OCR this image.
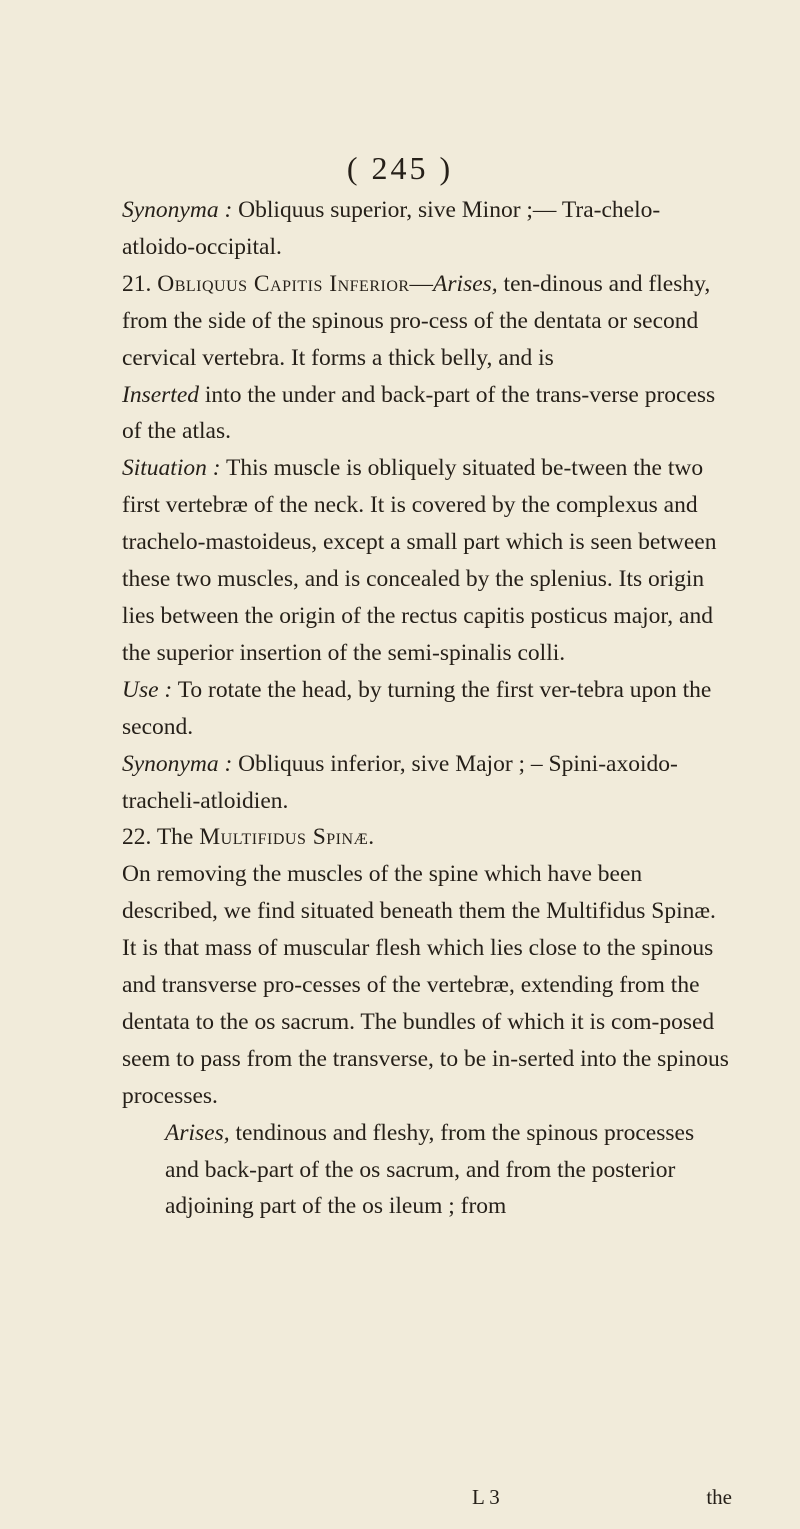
( 245 )

Synonyma : Obliquus superior, sive Minor ;— Tra-chelo-atloido-occipital.

21. Obliquus Capitis Inferior—Arises, ten-dinous and fleshy, from the side of the spinous pro-cess of the dentata or second cervical vertebra. It forms a thick belly, and is

Inserted into the under and back-part of the trans-verse process of the atlas.

Situation : This muscle is obliquely situated be-tween the two first vertebræ of the neck. It is covered by the complexus and trachelo-mastoideus, except a small part which is seen between these two muscles, and is concealed by the splenius. Its origin lies between the origin of the rectus capitis posticus major, and the superior insertion of the semi-spinalis colli.

Use : To rotate the head, by turning the first ver-tebra upon the second.

Synonyma : Obliquus inferior, sive Major ; – Spini-axoido-tracheli-atloidien.

22. The Multifidus Spinæ.

On removing the muscles of the spine which have been described, we find situated beneath them the Multifidus Spinæ. It is that mass of muscular flesh which lies close to the spinous and transverse pro-cesses of the vertebræ, extending from the dentata to the os sacrum. The bundles of which it is com-posed seem to pass from the transverse, to be in-serted into the spinous processes.

Arises, tendinous and fleshy, from the spinous processes and back-part of the os sacrum, and from the posterior adjoining part of the os ileum ; from

L 3	the
